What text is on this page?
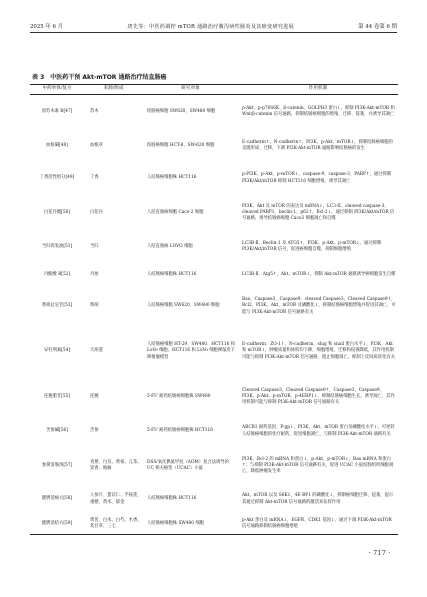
2025 年 6 月	唐先等：中医药调控 mTOR 通路治疗腹泻病性肠炎及其癌变研究进展	第 44 卷第 6 期
表 3 中医药干预 Akt-mTOR 通路治疗结直肠癌
中药单体/复方	来源/组成	研究对象	作用机制
原苏木素 B[47]	苏木	结肠癌细胞 SW620、SW480 细胞	p-Akt、p-p70S6K、β-catenin、GOLPH3 蛋白↓，抑制 PI3K-Akt-mTOR 和 Wnt/β-catenin 信号通路，抑制结肠癌细胞的增殖、迁移、侵袭，并诱导其凋亡
血根碱[48]	血根草	结肠癌细胞 HCT-8、SW-620 细胞	E-cadherin↑，N-cadherin↑，PI3K、p-Akt、mTOR↓，抑制结肠癌细胞的克隆形成、迁移，下调 PI3K-Akt-mTOR 通路影响结肠癌的发生
丁香活性组分[49]	丁香	人结肠癌细胞株 HCT116	p-PI3K、p-Akt、p-mTOR↓，caspase-9、caspase-3、PARP↑，通过抑制 PI3K/Akt/mTOR 抑制 HCT116 细胞增殖、诱导其凋亡
白花丹醌[50]	白花丹	人结直肠癌细胞 Caco-2 细胞	PI3K、Akt 及 mTOR 的表达及 mRNA↓，LC3-II、cleaved caspase-3、cleaved PARP1、beclin-1、p62↑，Bcl-2↓，通过抑制 PI3K/Akt/mTOR 信号通路，诱导结肠癌细胞 Caco2 细胞凋亡和自噬
当归挥发油[51]	当归	人结直肠癌 LOVO 细胞	LC3B-Ⅱ、Beclin-1 及 ATG5↑，PI3K、p-Akt、p-mTOR↓，通过抑制 PI3K/Akt/mTOR 信号，促进癌细胞自噬，抑制细胞增殖
丹酚酸 B[52]	丹参	人结肠癌细胞株 HCT116	LC3B-Ⅱ、Atg5↑，Akt、mTOR↓，抑制 Akt-mTOR 通路诱导癌细胞发生自噬
柴胡总皂苷[53]	柴胡	人结肠癌细胞 SW620、SW480 细胞	Bax、Caspase3、Caspase9、cleaved Caspase3、Cleaved Caspase9↑，Bcl2、PI3K、Akt、mTOR 及磷酸化↓，抑制结肠癌细胞增殖并促进其凋亡，可能与 PI3K-Akt-mTOR 信号通路有关
异牡荆素[54]	天胡荽	人结肠癌细胞 HT-29、SW480、HCT116 和 LoVo 细胞、HCT116 和 LoVo 细胞裸鼠皮下移植瘤模型	E-cadherin、ZO-1↑，N-cadherin、slug 和 snail 蛋白水平↓，PI3K、Akt 和 mTOR↓，肿瘤质量和体积均下降，细胞增殖、迁移和侵袭降低，其作用机制可能与抑制 PI3K-Akt-mTOR 信号通路，阻止细胞凋亡，抑制上皮间质转化有关
连翘脂苷[55]	连翘	5-FU 耐药结肠癌细胞株 SW480	Cleaved Caspase3、Cleaved Caspase9↑，Caspase3、Caspase9、PI3K、p-Akt、p-mTOR、p-4EBP1↓，抑制结肠癌细胞生长，诱导凋亡，其作用机制可能与抑制 PI3K-Akt-mTOR 信号通路有关
苦参碱[56]	苦参	5-FU 耐药结肠癌细胞株 HCT116	ABCB1 耐药基因、P-gp↓，PI3K、Akt、mTOR 蛋白及磷酸化水平↓，可逆转人结肠癌细胞的化疗耐药，促进细胞凋亡，与抑制 PI3K-Akt-mTOR 通路有关
参黛清肠汤[57]	青黛、白及、黄柏、儿茶、炭香、地榆	DSS/氧化偶氮甲烷（AOM）复合法诱导的 UC 相关癌变（UCAC）小鼠	PI3K、Bcl-2 的 mRNA 和蛋白↓，p-Akt、p-mTOR↓，Bax mRNA 和蛋白↑；与抑制 PI3K-Akt-mTOR 信号通路有关，促进 UCAC 小鼠结肠组织细胞凋亡，降低肿瘤发生率
健脾消癌方[58]	人参片、薏苡仁、半枝莲、重楼、黄术、郁金	人结肠癌细胞株 HCT116	Akt、mTOR 以及 S6K1、4E-BP1 的磷酸化↓，抑制癌细胞迁移、侵袭，提示其通过抑制 Akt-mTOR 信号通路的激活来发挥作用
健脾消结方[59]	黄芪、白术、白芍、木香、炙甘草、三七	人结肠癌细胞株 SW480 细胞	p-Akt 蛋白及 mRNA↓，EGFR、CDK1 基因↓，通过下调 PI3K-Akt-mTOR 信号通路抑制结肠癌细胞增殖
· 717 ·
